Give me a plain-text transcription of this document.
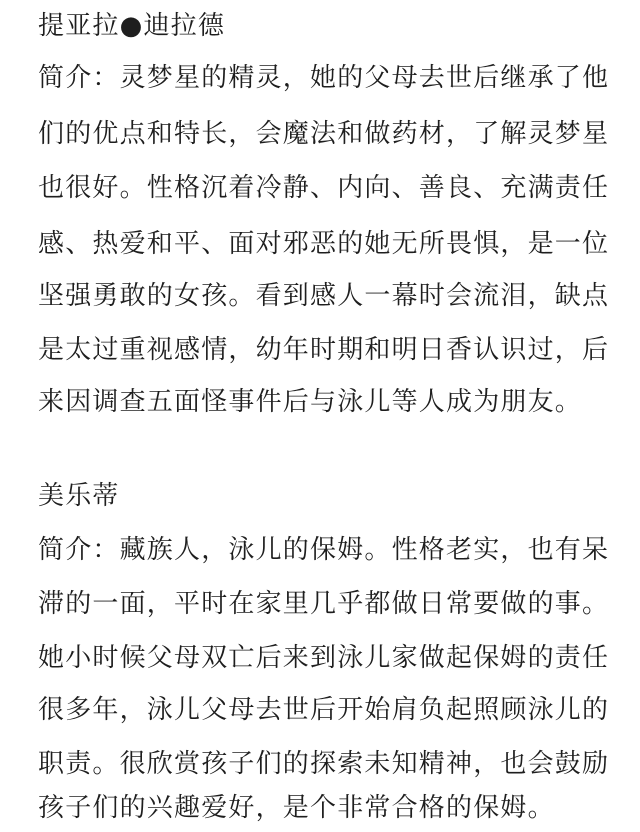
提亚拉●迪拉德
简介：灵梦星的精灵，她的父母去世后继承了他
们的优点和特长，会魔法和做药材，了解灵梦星
也很好。性格沉着冷静、内向、善良、充满责任
感、热爱和平、面对邪恶的她无所畏惧，是一位
坚强勇敢的女孩。看到感人一幕时会流泪，缺点
是太过重视感情，幼年时期和明日香认识过，后
来因调查五面怪事件后与泳儿等人成为朋友。
美乐蒂
简介：藏族人，泳儿的保姆。性格老实，也有呆
滞的一面，平时在家里几乎都做日常要做的事。
她小时候父母双亡后来到泳儿家做起保姆的责任
很多年，泳儿父母去世后开始肩负起照顾泳儿的
职责。很欣赏孩子们的探索未知精神，也会鼓励
孩子们的兴趣爱好，是个非常合格的保姆。
